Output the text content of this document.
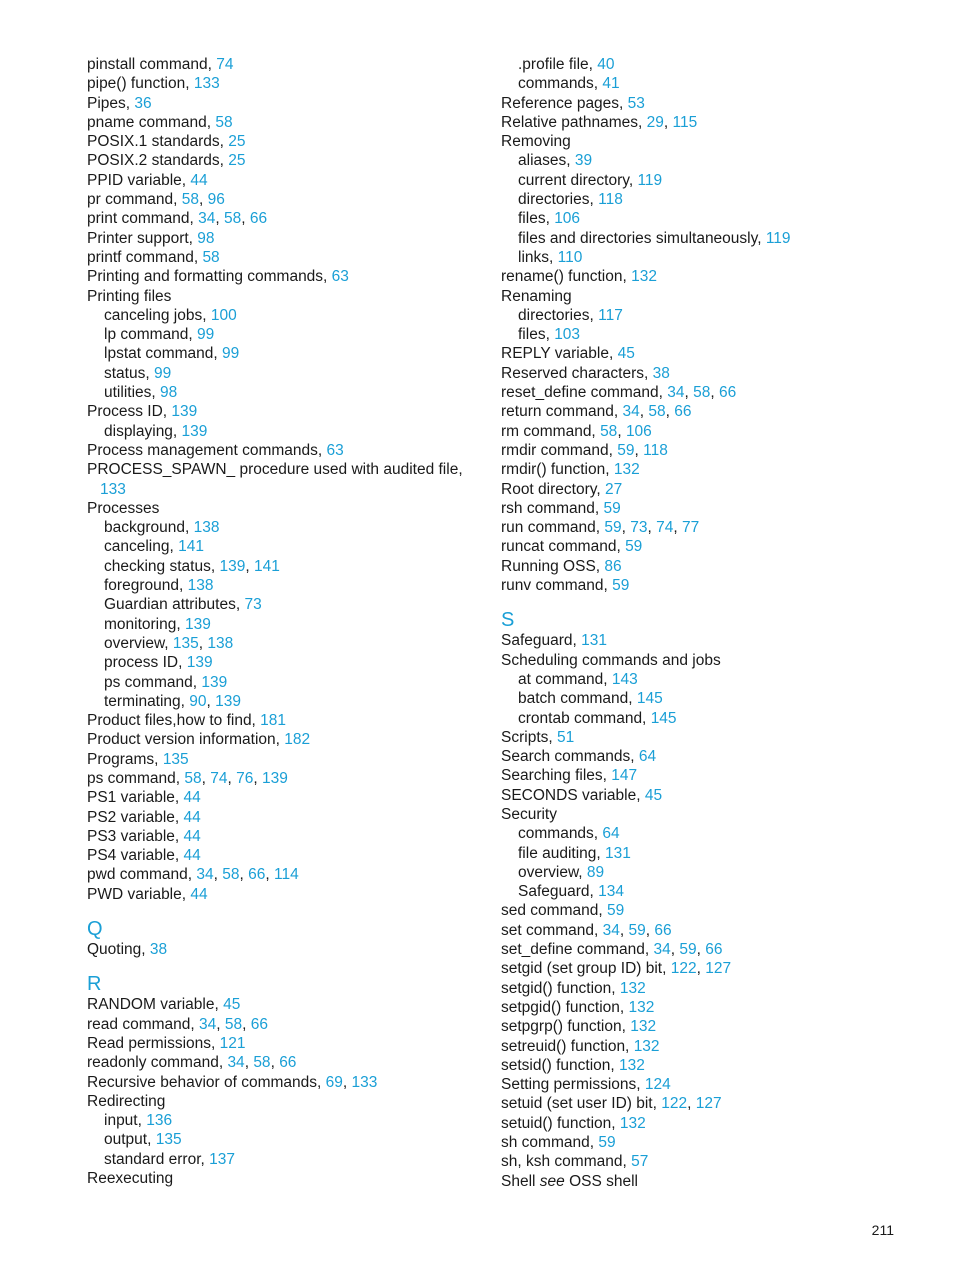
pinstall command, 74
pipe() function, 133
Pipes, 36
pname command, 58
POSIX.1 standards, 25
POSIX.2 standards, 25
PPID variable, 44
pr command, 58, 96
print command, 34, 58, 66
Printer support, 98
printf command, 58
Printing and formatting commands, 63
Printing files
canceling jobs, 100
lp command, 99
lpstat command, 99
status, 99
utilities, 98
Process ID, 139
displaying, 139
Process management commands, 63
PROCESS_SPAWN_ procedure used with audited file,
133
Processes
background, 138
canceling, 141
checking status, 139, 141
foreground, 138
Guardian attributes, 73
monitoring, 139
overview, 135, 138
process ID, 139
ps command, 139
terminating, 90, 139
Product files,how to find, 181
Product version information, 182
Programs, 135
ps command, 58, 74, 76, 139
PS1 variable, 44
PS2 variable, 44
PS3 variable, 44
PS4 variable, 44
pwd command, 34, 58, 66, 114
PWD variable, 44
Q
Quoting, 38
R
RANDOM variable, 45
read command, 34, 58, 66
Read permissions, 121
readonly command, 34, 58, 66
Recursive behavior of commands, 69, 133
Redirecting
input, 136
output, 135
standard error, 137
Reexecuting
.profile file, 40
commands, 41
Reference pages, 53
Relative pathnames, 29, 115
Removing
aliases, 39
current directory, 119
directories, 118
files, 106
files and directories simultaneously, 119
links, 110
rename() function, 132
Renaming
directories, 117
files, 103
REPLY variable, 45
Reserved characters, 38
reset_define command, 34, 58, 66
return command, 34, 58, 66
rm command, 58, 106
rmdir command, 59, 118
rmdir() function, 132
Root directory, 27
rsh command, 59
run command, 59, 73, 74, 77
runcat command, 59
Running OSS, 86
runv command, 59
S
Safeguard, 131
Scheduling commands and jobs
at command, 143
batch command, 145
crontab command, 145
Scripts, 51
Search commands, 64
Searching files, 147
SECONDS variable, 45
Security
commands, 64
file auditing, 131
overview, 89
Safeguard, 134
sed command, 59
set command, 34, 59, 66
set_define command, 34, 59, 66
setgid (set group ID) bit, 122, 127
setgid() function, 132
setpgid() function, 132
setpgrp() function, 132
setreuid() function, 132
setsid() function, 132
Setting permissions, 124
setuid (set user ID) bit, 122, 127
setuid() function, 132
sh command, 59
sh, ksh command, 57
Shell see OSS shell
211
